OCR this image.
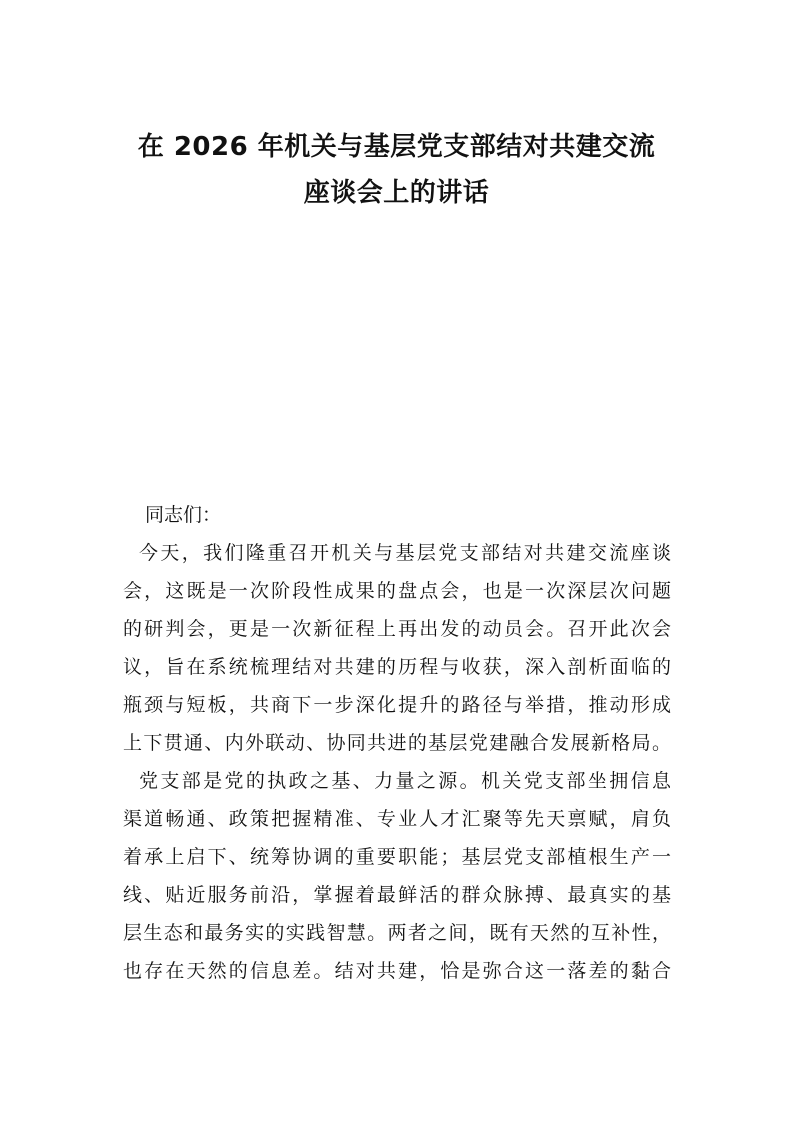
在 2026 年机关与基层党支部结对共建交流
座谈会上的讲话

同志们：

今天，我们隆重召开机关与基层党支部结对共建交流座谈
会，这既是一次阶段性成果的盘点会，也是一次深层次问题
的研判会，更是一次新征程上再出发的动员会。召开此次会
议，旨在系统梳理结对共建的历程与收获，深入剖析面临的
瓶颈与短板，共商下一步深化提升的路径与举措，推动形成
上下贯通、内外联动、协同共进的基层党建融合发展新格局。
党支部是党的执政之基、力量之源。机关党支部坐拥信息
渠道畅通、政策把握精准、专业人才汇聚等先天禀赋，肩负
着承上启下、统筹协调的重要职能；基层党支部植根生产一
线、贴近服务前沿，掌握着最鲜活的群众脉搏、最真实的基
层生态和最务实的实践智慧。两者之间，既有天然的互补性，
也存在天然的信息差。结对共建，恰是弥合这一落差的黏合
